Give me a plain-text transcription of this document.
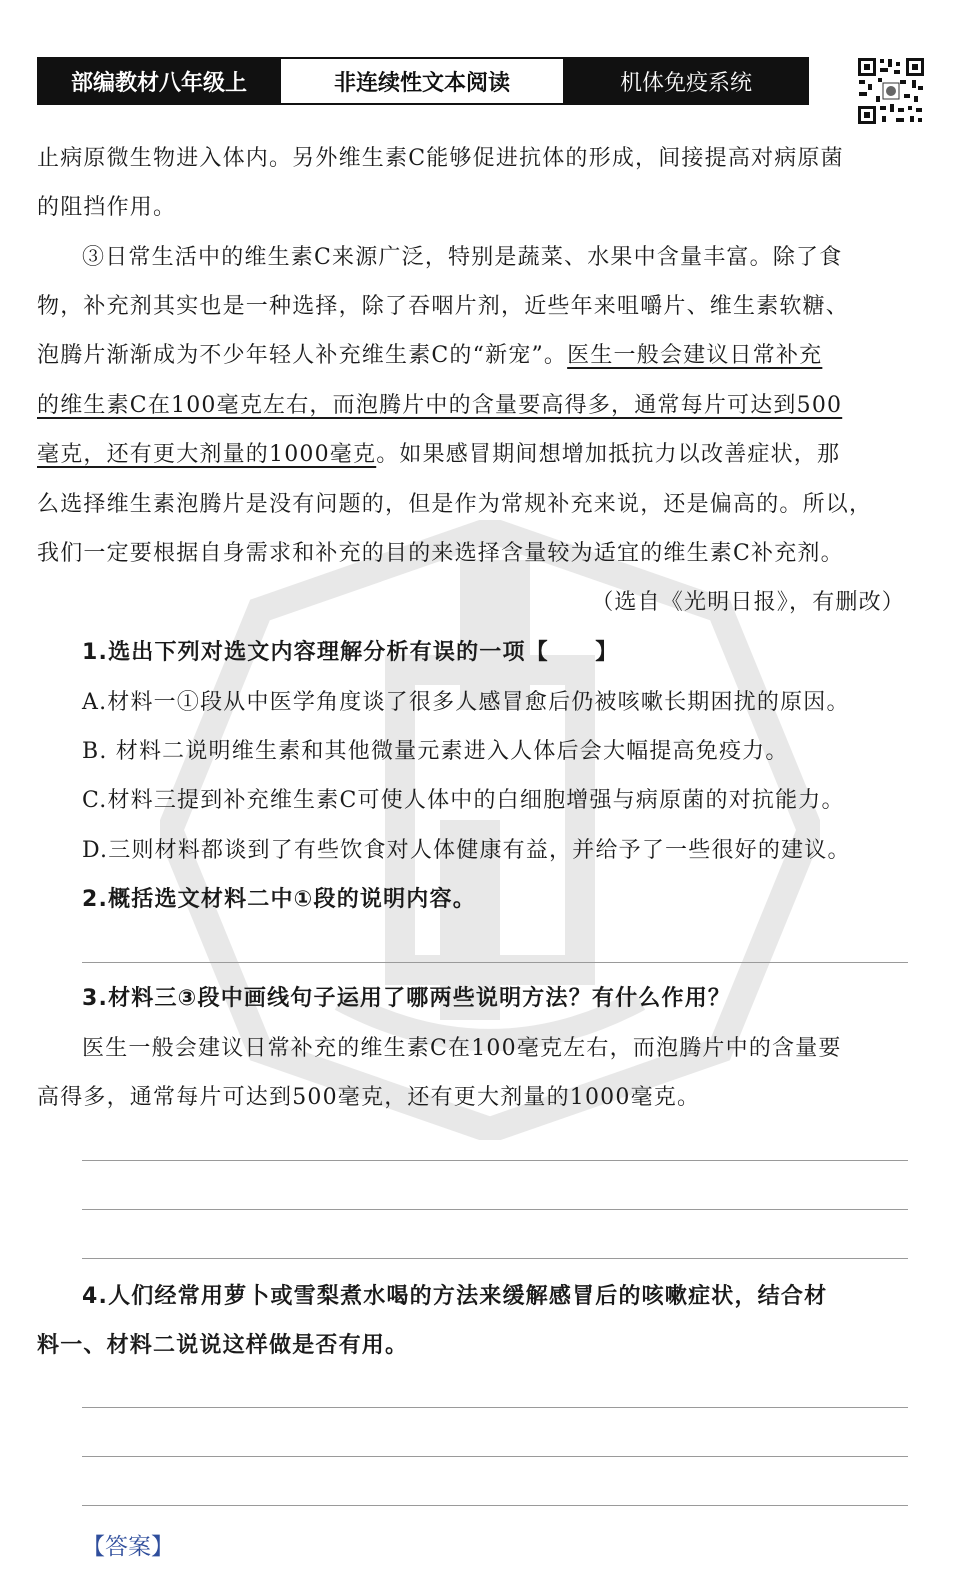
部编教材八年级上	非连续性文本阅读	机体免疫系统
止病原微生物进入体内。另外维生素C能够促进抗体的形成，间接提高对病原菌
的阻挡作用。
③日常生活中的维生素C来源广泛，特别是蔬菜、水果中含量丰富。除了食
物，补充剂其实也是一种选择，除了吞咽片剂，近些年来咀嚼片、维生素软糖、
泡腾片渐渐成为不少年轻人补充维生素C的“新宠”。医生一般会建议日常补充
的维生素C在100毫克左右，而泡腾片中的含量要高得多，通常每片可达到500
毫克，还有更大剂量的1000毫克。如果感冒期间想增加抵抗力以改善症状，那
么选择维生素泡腾片是没有问题的，但是作为常规补充来说，还是偏高的。所以，
我们一定要根据自身需求和补充的目的来选择含量较为适宜的维生素C补充剂。
（选自《光明日报》，有删改）
1.选出下列对选文内容理解分析有误的一项【　　】
A.材料一①段从中医学角度谈了很多人感冒愈后仍被咳嗽长期困扰的原因。
B. 材料二说明维生素和其他微量元素进入人体后会大幅提高免疫力。
C.材料三提到补充维生素C可使人体中的白细胞增强与病原菌的对抗能力。
D.三则材料都谈到了有些饮食对人体健康有益，并给予了一些很好的建议。
2.概括选文材料二中①段的说明内容。
3.材料三③段中画线句子运用了哪两些说明方法？有什么作用？
医生一般会建议日常补充的维生素C在100毫克左右，而泡腾片中的含量要
高得多，通常每片可达到500毫克，还有更大剂量的1000毫克。
4.人们经常用萝卜或雪梨煮水喝的方法来缓解感冒后的咳嗽症状，结合材
料一、材料二说说这样做是否有用。
【答案】
